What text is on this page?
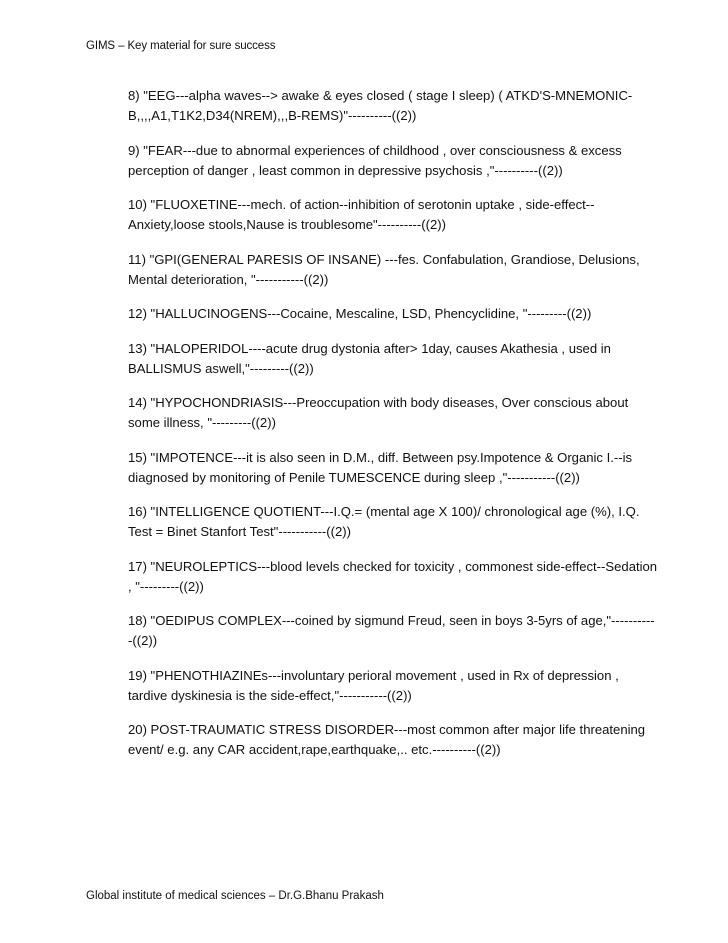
GIMS – Key material for sure success

8) "EEG---alpha waves--> awake & eyes closed ( stage I sleep) ( ATKD'S-MNEMONIC-B,,,,A1,T1K2,D34(NREM),,,B-REMS)"----------((2))

9) "FEAR---due to abnormal experiences of childhood , over consciousness & excess perception of danger , least common in depressive psychosis ,"----------((2))

10) "FLUOXETINE---mech. of action--inhibition of serotonin uptake , side-effect--Anxiety,loose stools,Nause is troublesome"----------((2))

11) "GPI(GENERAL PARESIS OF INSANE) ---fes. Confabulation, Grandiose, Delusions, Mental deterioration, "-----------((2))

12) "HALLUCINOGENS---Cocaine, Mescaline, LSD, Phencyclidine, "---------((2))

13) "HALOPERIDOL----acute drug dystonia after> 1day, causes Akathesia , used in BALLISMUS aswell,"---------((2))

14) "HYPOCHONDRIASIS---Preoccupation with body diseases, Over conscious about some illness, "---------((2))

15) "IMPOTENCE---it is also seen in D.M., diff. Between psy.Impotence & Organic I.--is diagnosed by monitoring of Penile TUMESCENCE during sleep ,"-----------((2))

16) "INTELLIGENCE QUOTIENT---I.Q.= (mental age X 100)/ chronological age (%), I.Q. Test = Binet Stanfort Test"-----------((2))

17) "NEUROLEPTICS---blood levels checked for toxicity , commonest side-effect--Sedation , "---------((2))

18) "OEDIPUS COMPLEX---coined by sigmund Freud, seen in boys 3-5yrs of age,"-----------((2))

19) "PHENOTHIAZINEs---involuntary perioral movement , used in Rx of depression , tardive dyskinesia is the side-effect,"-----------((2))

20) POST-TRAUMATIC STRESS DISORDER---most common after major life threatening event/ e.g. any CAR accident,rape,earthquake,.. etc.----------((2))

Global institute of medical sciences – Dr.G.Bhanu Prakash
